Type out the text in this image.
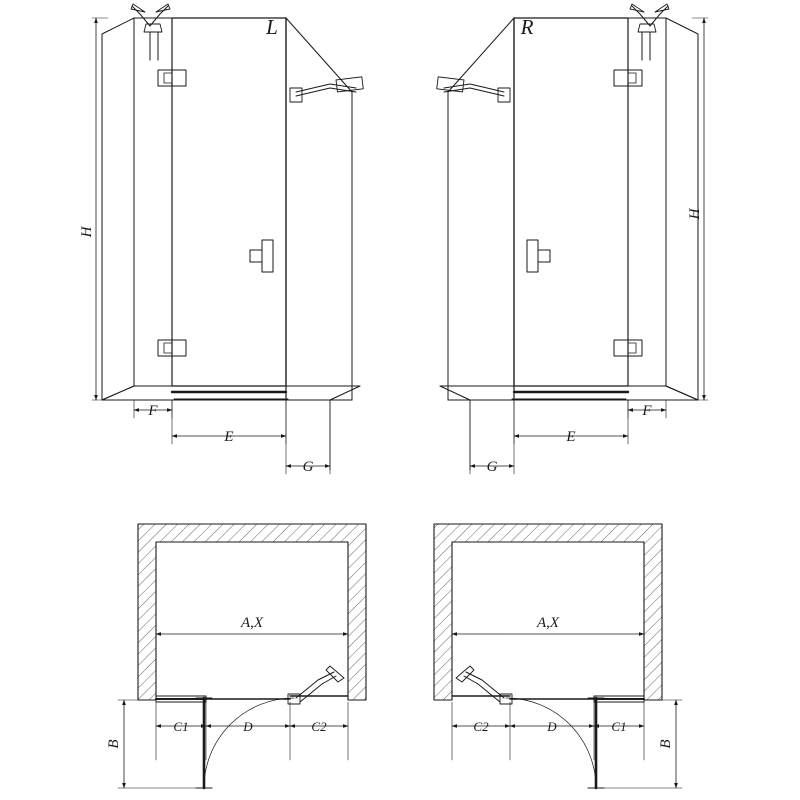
L	R
H
H
F
E
G	G
E
F
A,X	A,X
C1	D	C2	C2	D	C1
B	B
